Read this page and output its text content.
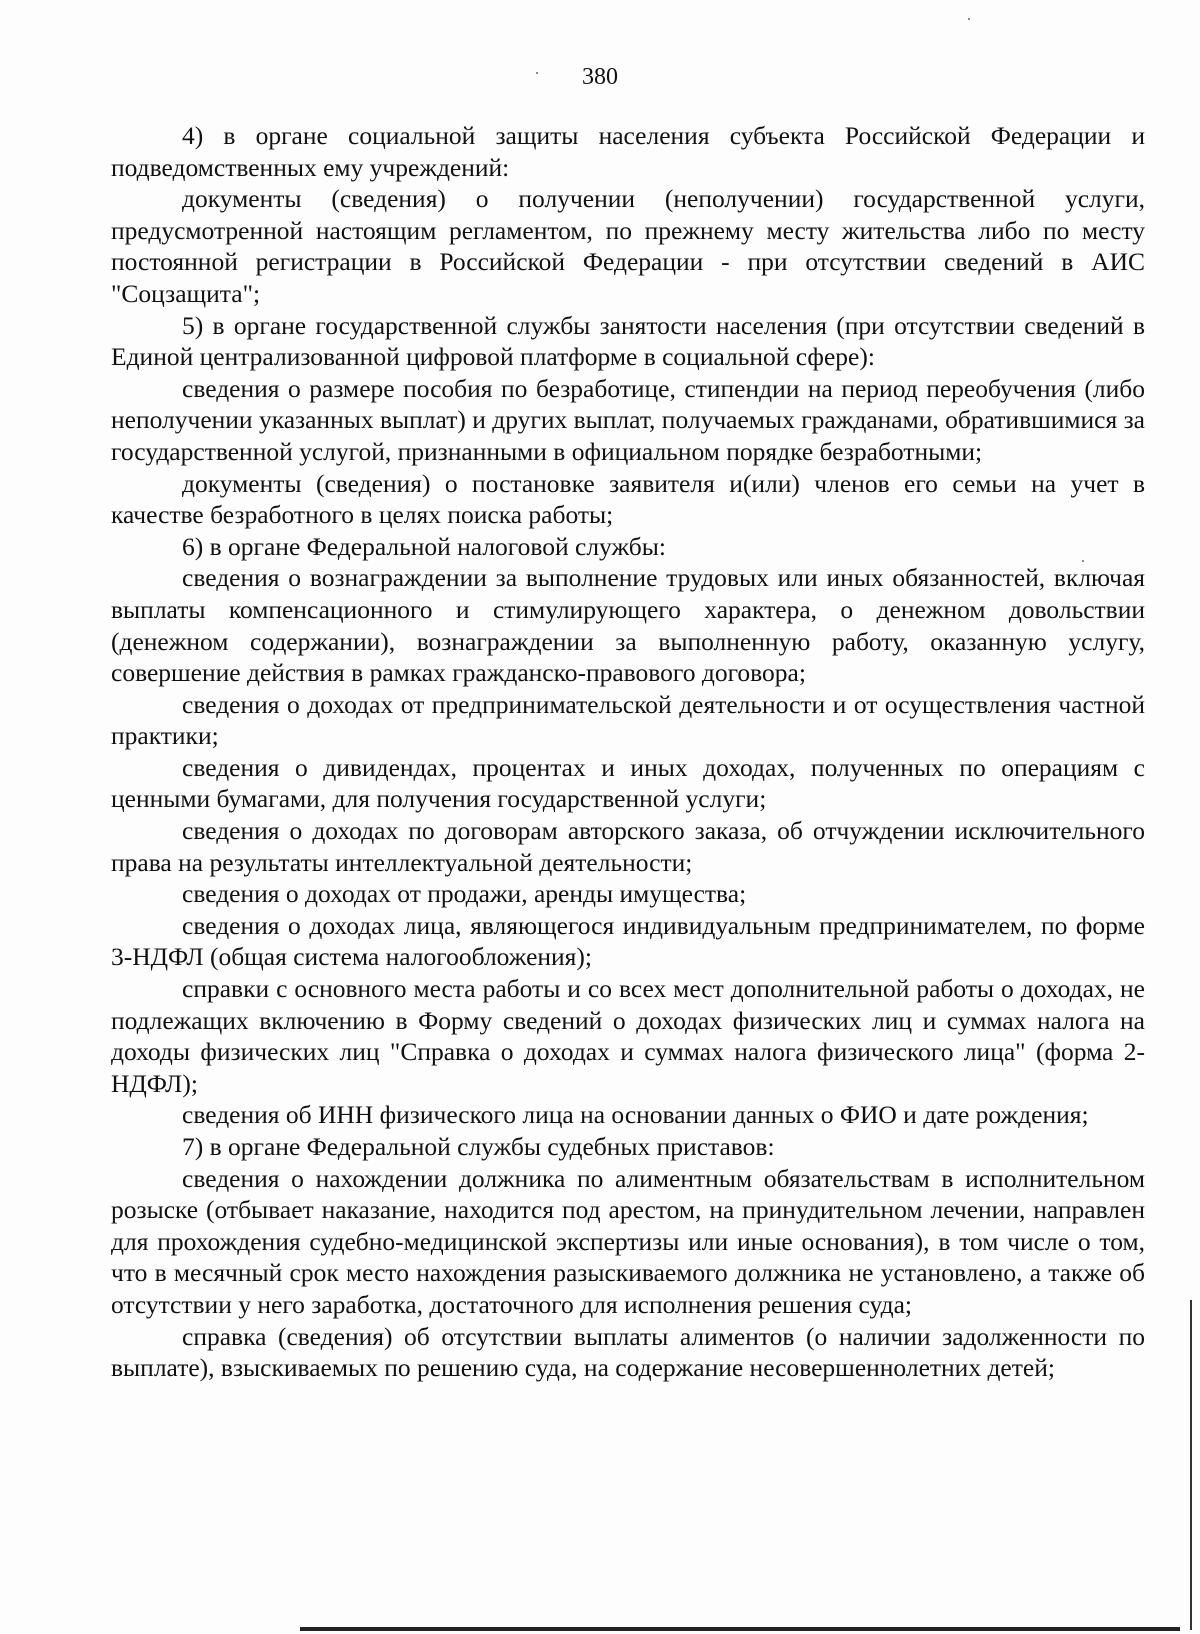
380

4) в органе социальной защиты населения субъекта Российской Федерации и подведомственных ему учреждений:

документы (сведения) о получении (неполучении) государственной услуги, предусмотренной настоящим регламентом, по прежнему месту жительства либо по месту постоянной регистрации в Российской Федерации - при отсутствии сведений в АИС "Соцзащита";

5) в органе государственной службы занятости населения (при отсутствии сведений в Единой централизованной цифровой платформе в социальной сфере):

сведения о размере пособия по безработице, стипендии на период переобучения (либо неполучении указанных выплат) и других выплат, получаемых гражданами, обратившимися за государственной услугой, признанными в официальном порядке безработными;

документы (сведения) о постановке заявителя и(или) членов его семьи на учет в качестве безработного в целях поиска работы;

6) в органе Федеральной налоговой службы:

сведения о вознаграждении за выполнение трудовых или иных обязанностей, включая выплаты компенсационного и стимулирующего характера, о денежном довольствии (денежном содержании), вознаграждении за выполненную работу, оказанную услугу, совершение действия в рамках гражданско-правового договора;

сведения о доходах от предпринимательской деятельности и от осуществления частной практики;

сведения о дивидендах, процентах и иных доходах, полученных по операциям с ценными бумагами, для получения государственной услуги;

сведения о доходах по договорам авторского заказа, об отчуждении исключительного права на результаты интеллектуальной деятельности;

сведения о доходах от продажи, аренды имущества;

сведения о доходах лица, являющегося индивидуальным предпринимателем, по форме 3-НДФЛ (общая система налогообложения);

справки с основного места работы и со всех мест дополнительной работы о доходах, не подлежащих включению в Форму сведений о доходах физических лиц и суммах налога на доходы физических лиц "Справка о доходах и суммах налога физического лица" (форма 2-НДФЛ);

сведения об ИНН физического лица на основании данных о ФИО и дате рождения;

7) в органе Федеральной службы судебных приставов:

сведения о нахождении должника по алиментным обязательствам в исполнительном розыске (отбывает наказание, находится под арестом, на принудительном лечении, направлен для прохождения судебно-медицинской экспертизы или иные основания), в том числе о том, что в месячный срок место нахождения разыскиваемого должника не установлено, а также об отсутствии у него заработка, достаточного для исполнения решения суда;

справка (сведения) об отсутствии выплаты алиментов (о наличии задолженности по выплате), взыскиваемых по решению суда, на содержание несовершеннолетних детей;
